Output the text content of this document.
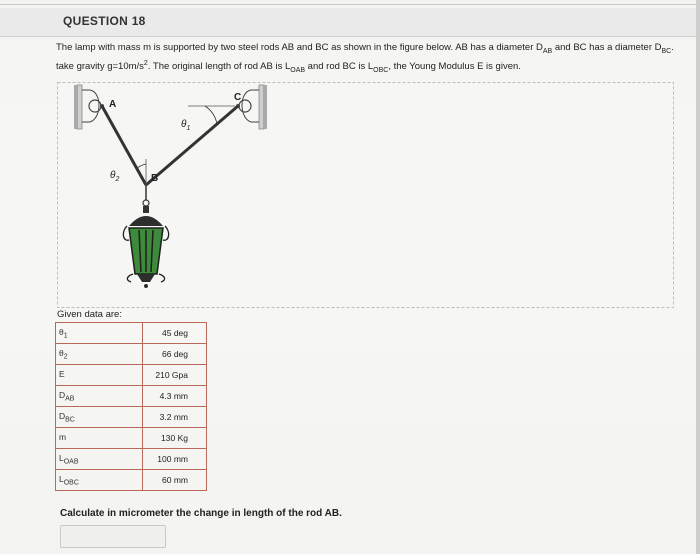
QUESTION 18
The lamp with mass m is supported by two steel rods AB and BC as shown in the figure below. AB has a diameter $D_{AB}$ and BC has a diameter $D_{BC}$.
take gravity $g=10m/s^2$. The original length of rod AB is $L_{OAB}$ and rod BC is $L_{OBC}$, the Young Modulus E is given.
A
C
$\theta_1$
$\theta_2$	B
Given data are:
$\theta_1$	45 deg
$\theta_2$	66 deg
E	210 Gpa
$D_{AB}$	4.3 mm
$D_{BC}$	3.2 mm
m	130 Kg
$L_{OAB}$	100 mm
$L_{OBC}$	60 mm
Calculate in micrometer the change in length of the rod AB.
